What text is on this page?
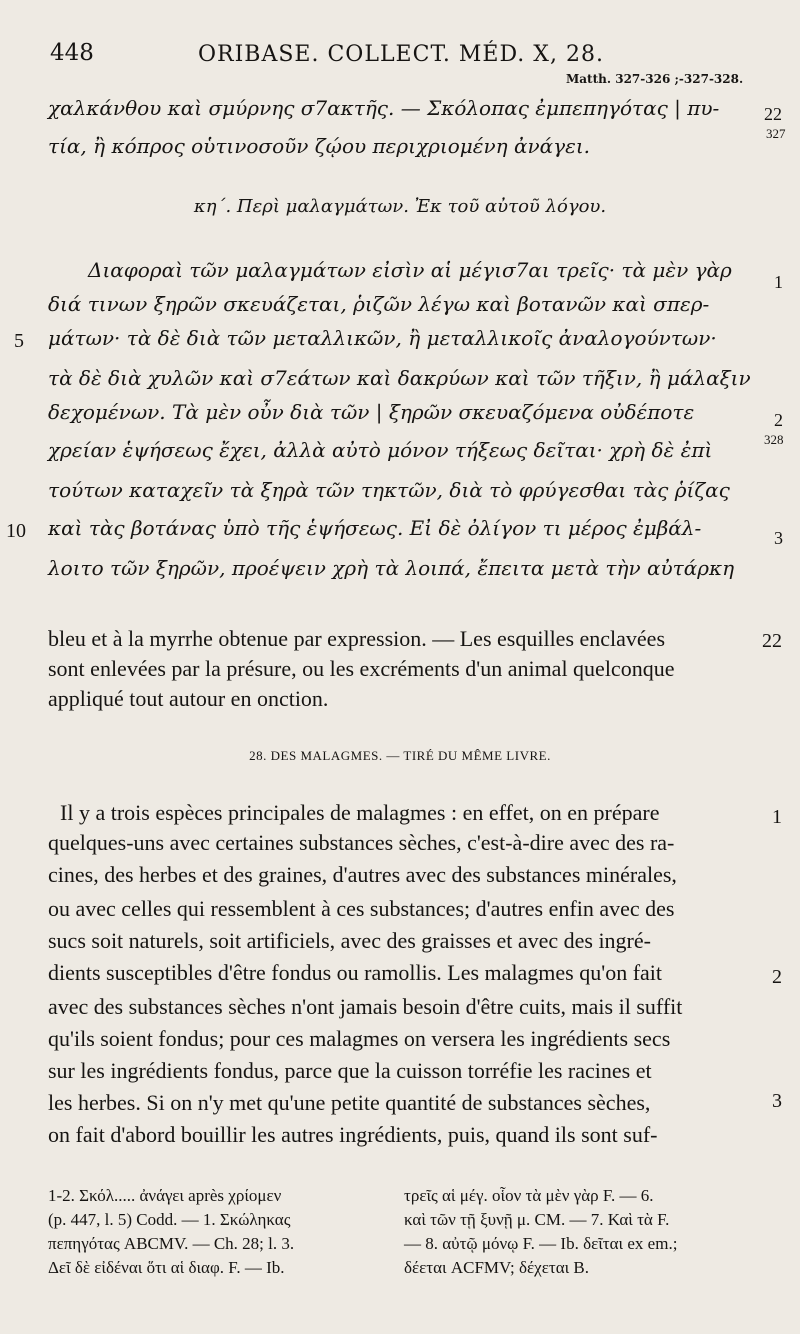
448	ORIBASE. COLLECT. MÉD. X, 28.
Matth. 327-326 ;-327-328.
χαλκάνθου καὶ σμύρνης σ7ακτῆς. — Σκόλοπας ἐμπεπηγότας | πυ-
τία, ἢ κόπρος οὑτινοσοῦν ζῴου περιχριομένη ἀνάγει.
22
327
κη΄. Περὶ μαλαγμάτων. Ἐκ τοῦ αὐτοῦ λόγου.
Διαφοραὶ τῶν μαλαγμάτων εἰσὶν αἱ μέγισ7αι τρεῖς· τὰ μὲν γὰρ
διά τινων ξηρῶν σκευάζεται, ῥιζῶν λέγω καὶ βοτανῶν καὶ σπερ-
μάτων· τὰ δὲ διὰ τῶν μεταλλικῶν, ἢ μεταλλικοῖς ἀναλογούντων·
τὰ δὲ διὰ χυλῶν καὶ σ7εάτων καὶ δακρύων καὶ τῶν τῆξιν, ἢ μάλαξιν
δεχομένων. Τὰ μὲν οὖν διὰ τῶν | ξηρῶν σκευαζόμενα οὐδέποτε
χρείαν ἑψήσεως ἔχει, ἀλλὰ αὐτὸ μόνον τήξεως δεῖται· χρὴ δὲ ἐπὶ
τούτων καταχεῖν τὰ ξηρὰ τῶν τηκτῶν, διὰ τὸ φρύγεσθαι τὰς ῥίζας
καὶ τὰς βοτάνας ὑπὸ τῆς ἑψήσεως. Εἰ δὲ ὀλίγον τι μέρος ἐμβάλ-
λοιτο τῶν ξηρῶν, προέψειν χρὴ τὰ λοιπά, ἔπειτα μετὰ τὴν αὐτάρκη
5
10
1
2
328
3
bleu et à la myrrhe obtenue par expression. — Les esquilles enclavées
sont enlevées par la présure, ou les excréments d'un animal quelconque
appliqué tout autour en onction.
22
28. DES MALAGMES. — TIRÉ DU MÊME LIVRE.
Il y a trois espèces principales de malagmes : en effet, on en prépare
quelques-uns avec certaines substances sèches, c'est-à-dire avec des ra-
cines, des herbes et des graines, d'autres avec des substances minérales,
ou avec celles qui ressemblent à ces substances; d'autres enfin avec des
sucs soit naturels, soit artificiels, avec des graisses et avec des ingré-
dients susceptibles d'être fondus ou ramollis. Les malagmes qu'on fait
avec des substances sèches n'ont jamais besoin d'être cuits, mais il suffit
qu'ils soient fondus; pour ces malagmes on versera les ingrédients secs
sur les ingrédients fondus, parce que la cuisson torréfie les racines et
les herbes. Si on n'y met qu'une petite quantité de substances sèches,
on fait d'abord bouillir les autres ingrédients, puis, quand ils sont suf-
1
2
3
1-2. Σκόλ..... ἀνάγει après χρίομεν
(p. 447, l. 5) Codd. — 1. Σκώληκας
πεπηγότας ABCMV. — Ch. 28; l. 3.
Δεῖ δὲ εἰδέναι ὅτι αἱ διαφ. F. — Ib.
τρεῖς αἱ μέγ. οἷον τὰ μὲν γὰρ F. — 6.
καὶ τῶν τῇ ξυνῇ μ. CM. — 7. Καὶ τὰ F.
— 8. αὐτῷ μόνῳ F. — Ib. δεῖται ex em.;
δέεται ACFMV; δέχεται B.
